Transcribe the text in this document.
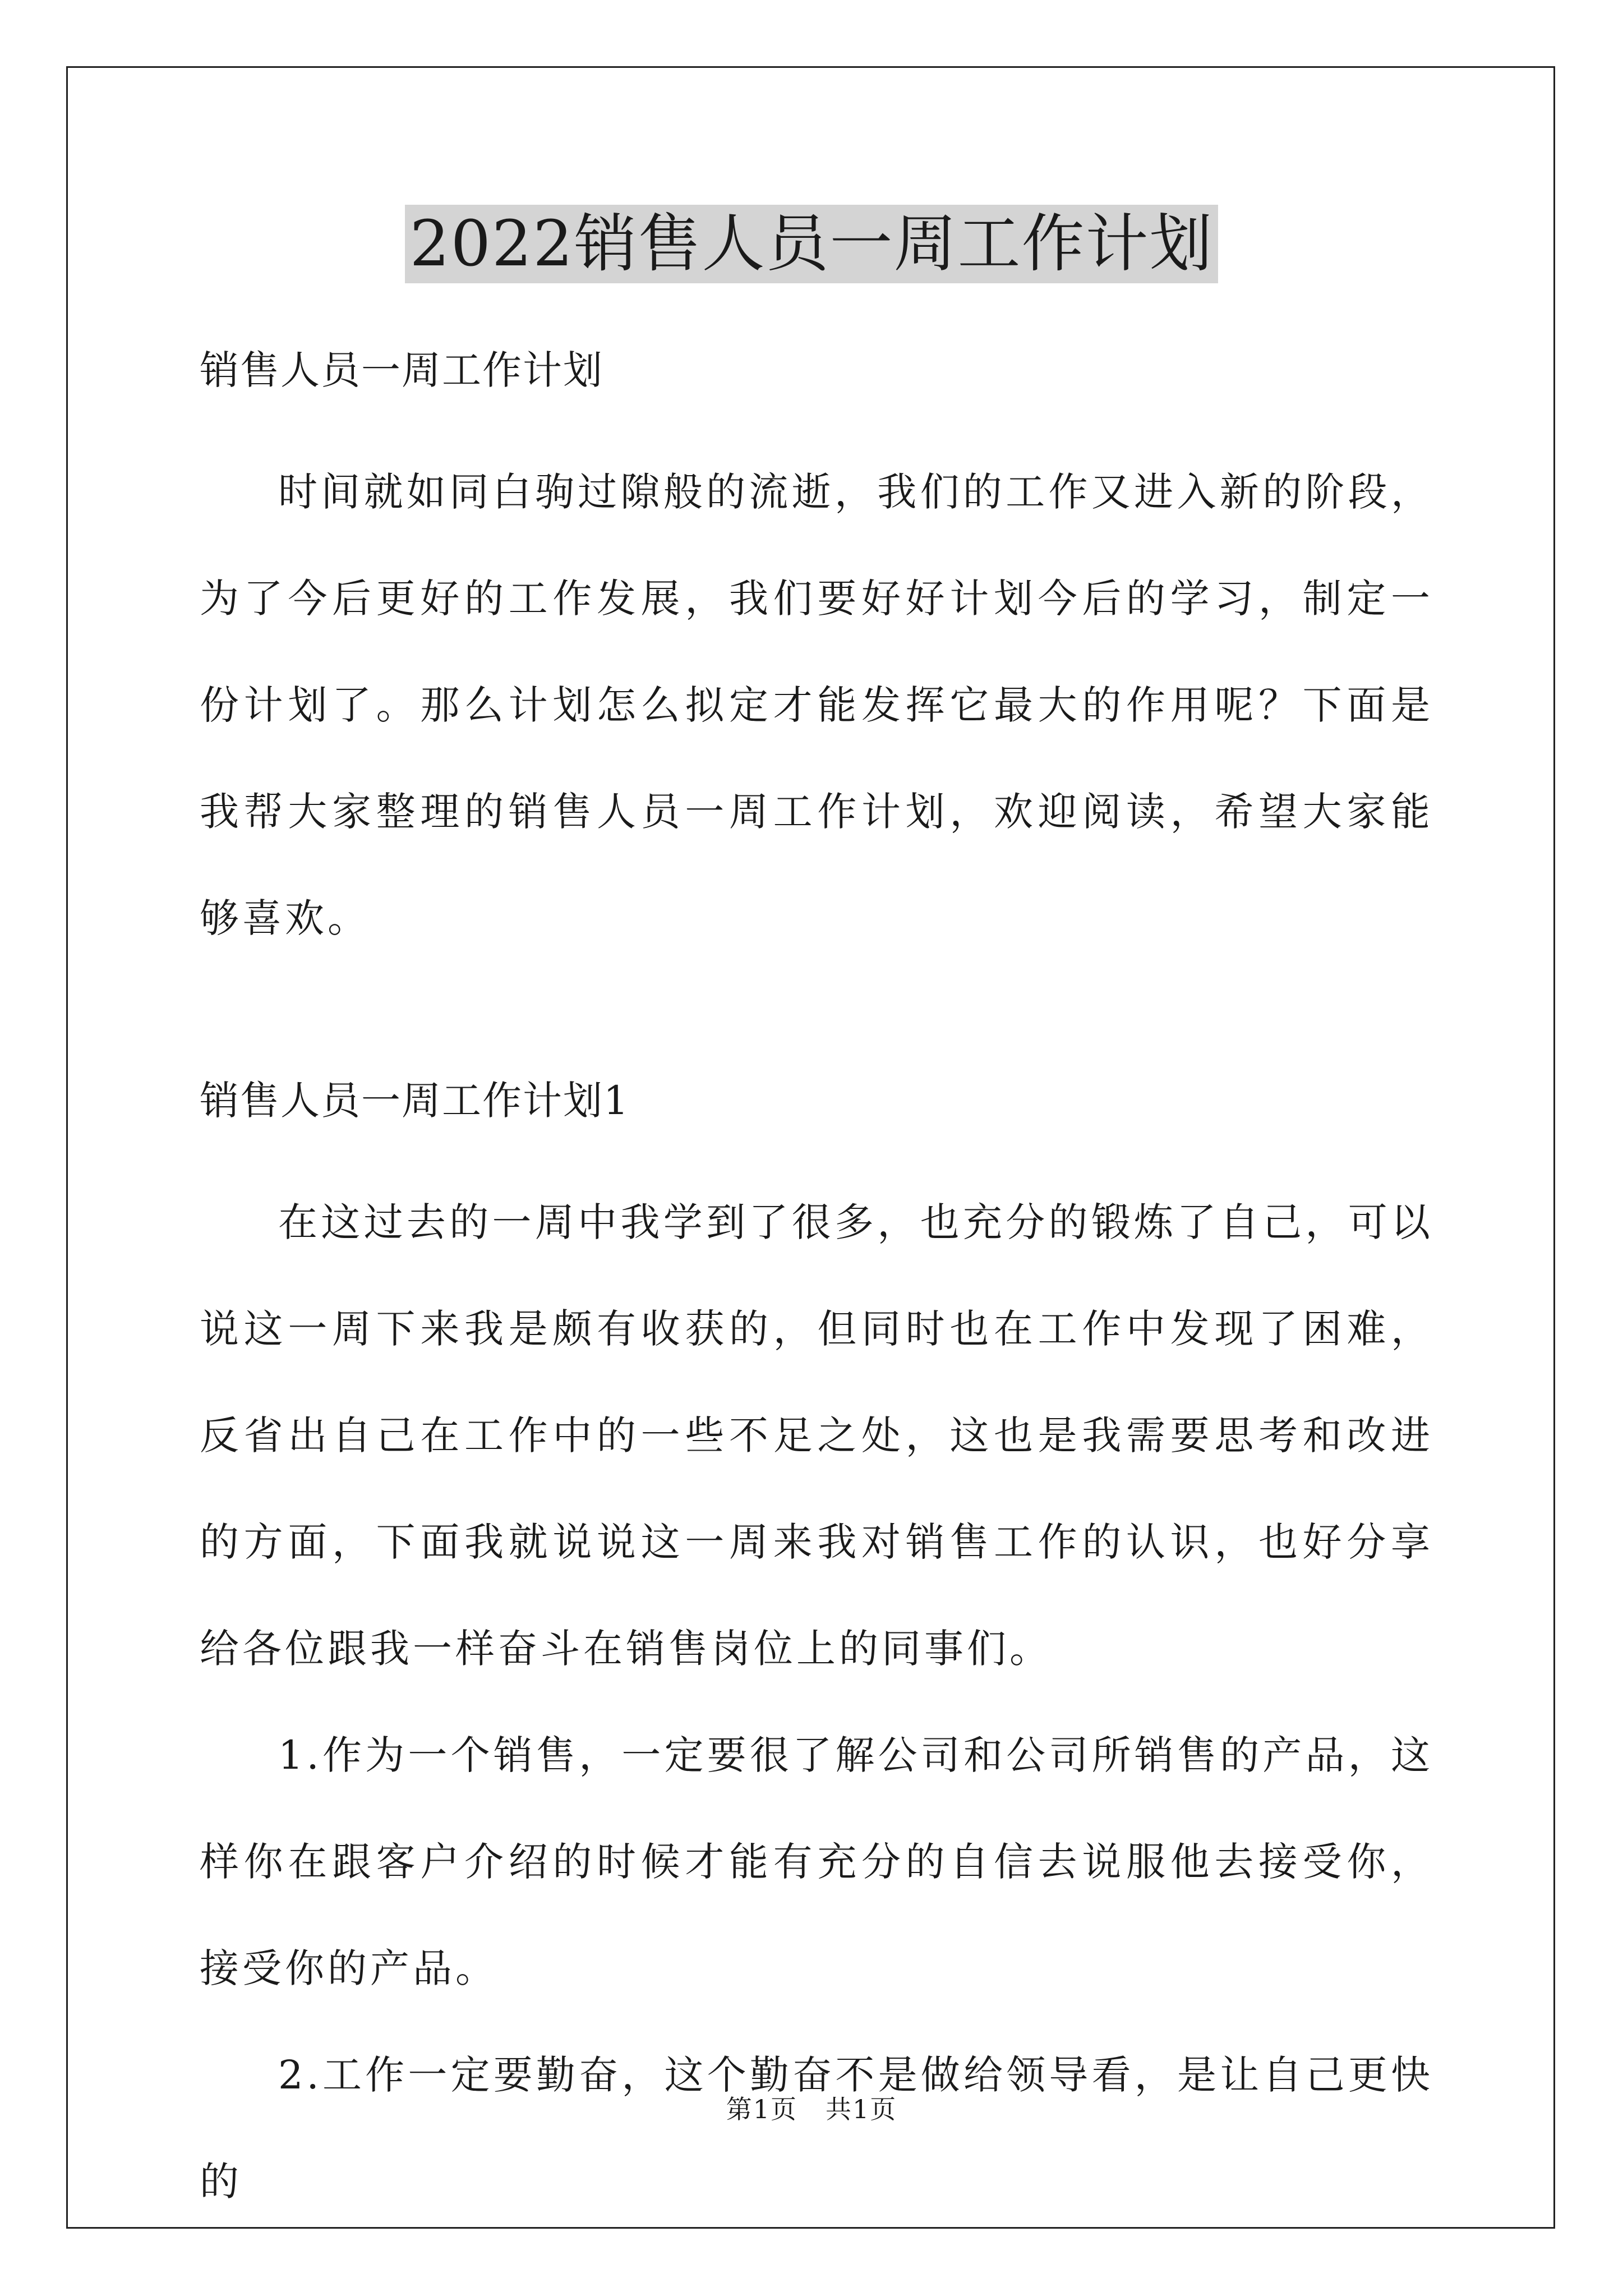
2022销售人员一周工作计划
销售人员一周工作计划

时间就如同白驹过隙般的流逝，我们的工作又进入新的阶段，为了今后更好的工作发展，我们要好好计划今后的学习，制定一份计划了。那么计划怎么拟定才能发挥它最大的作用呢？下面是我帮大家整理的销售人员一周工作计划，欢迎阅读，希望大家能够喜欢。

销售人员一周工作计划1

在这过去的一周中我学到了很多，也充分的锻炼了自己，可以说这一周下来我是颇有收获的，但同时也在工作中发现了困难，反省出自己在工作中的一些不足之处，这也是我需要思考和改进的方面，下面我就说说这一周来我对销售工作的认识，也好分享给各位跟我一样奋斗在销售岗位上的同事们。

1.作为一个销售，一定要很了解公司和公司所销售的产品，这样你在跟客户介绍的时候才能有充分的自信去说服他去接受你，接受你的产品。

2.工作一定要勤奋，这个勤奋不是做给领导看，是让自己更快的

第1页 共1页
